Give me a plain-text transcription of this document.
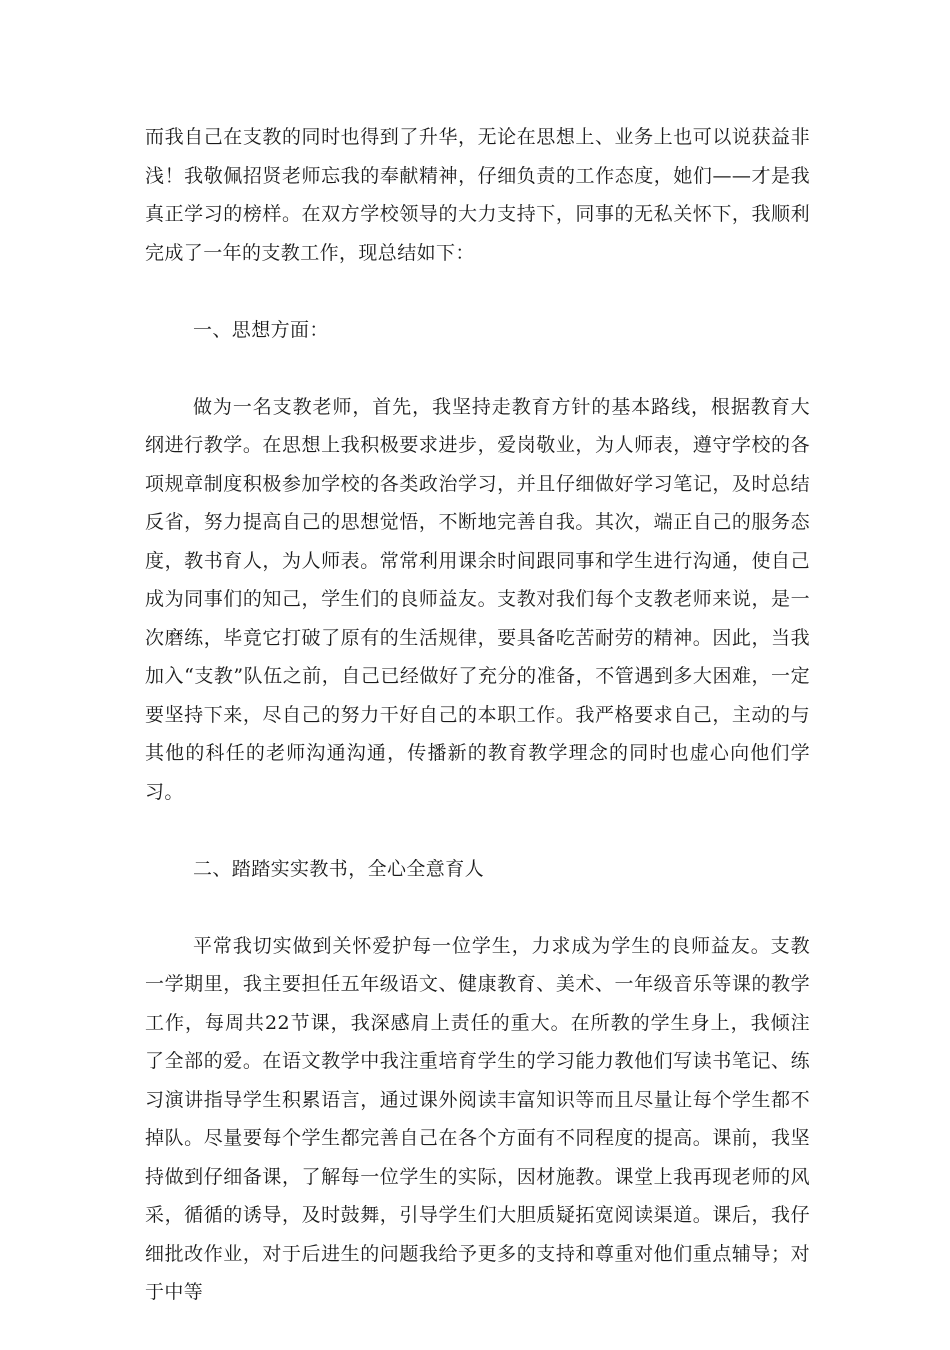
而我自己在支教的同时也得到了升华，无论在思想上、业务上也可以说获益非浅！我敬佩招贤老师忘我的奉献精神，仔细负责的工作态度，她们——才是我真正学习的榜样。在双方学校领导的大力支持下，同事的无私关怀下，我顺利完成了一年的支教工作，现总结如下：

一、思想方面：

做为一名支教老师，首先，我坚持走教育方针的基本路线，根据教育大纲进行教学。在思想上我积极要求进步，爱岗敬业，为人师表，遵守学校的各项规章制度积极参加学校的各类政治学习，并且仔细做好学习笔记，及时总结反省，努力提高自己的思想觉悟，不断地完善自我。其次，端正自己的服务态度，教书育人，为人师表。常常利用课余时间跟同事和学生进行沟通，使自己成为同事们的知己，学生们的良师益友。支教对我们每个支教老师来说，是一次磨练，毕竟它打破了原有的生活规律，要具备吃苦耐劳的精神。因此，当我加入“支教”队伍之前，自己已经做好了充分的准备，不管遇到多大困难，一定要坚持下来，尽自己的努力干好自己的本职工作。我严格要求自己，主动的与其他的科任的老师沟通沟通，传播新的教育教学理念的同时也虚心向他们学习。

二、踏踏实实教书，全心全意育人

平常我切实做到关怀爱护每一位学生，力求成为学生的良师益友。支教一学期里，我主要担任五年级语文、健康教育、美术、一年级音乐等课的教学工作，每周共22节课，我深感肩上责任的重大。在所教的学生身上，我倾注了全部的爱。在语文教学中我注重培育学生的学习能力教他们写读书笔记、练习演讲指导学生积累语言，通过课外阅读丰富知识等而且尽量让每个学生都不掉队。尽量要每个学生都完善自己在各个方面有不同程度的提高。课前，我坚持做到仔细备课，了解每一位学生的实际，因材施教。课堂上我再现老师的风采，循循的诱导，及时鼓舞，引导学生们大胆质疑拓宽阅读渠道。课后，我仔细批改作业，对于后进生的问题我给予更多的支持和尊重对他们重点辅导；对于中等
